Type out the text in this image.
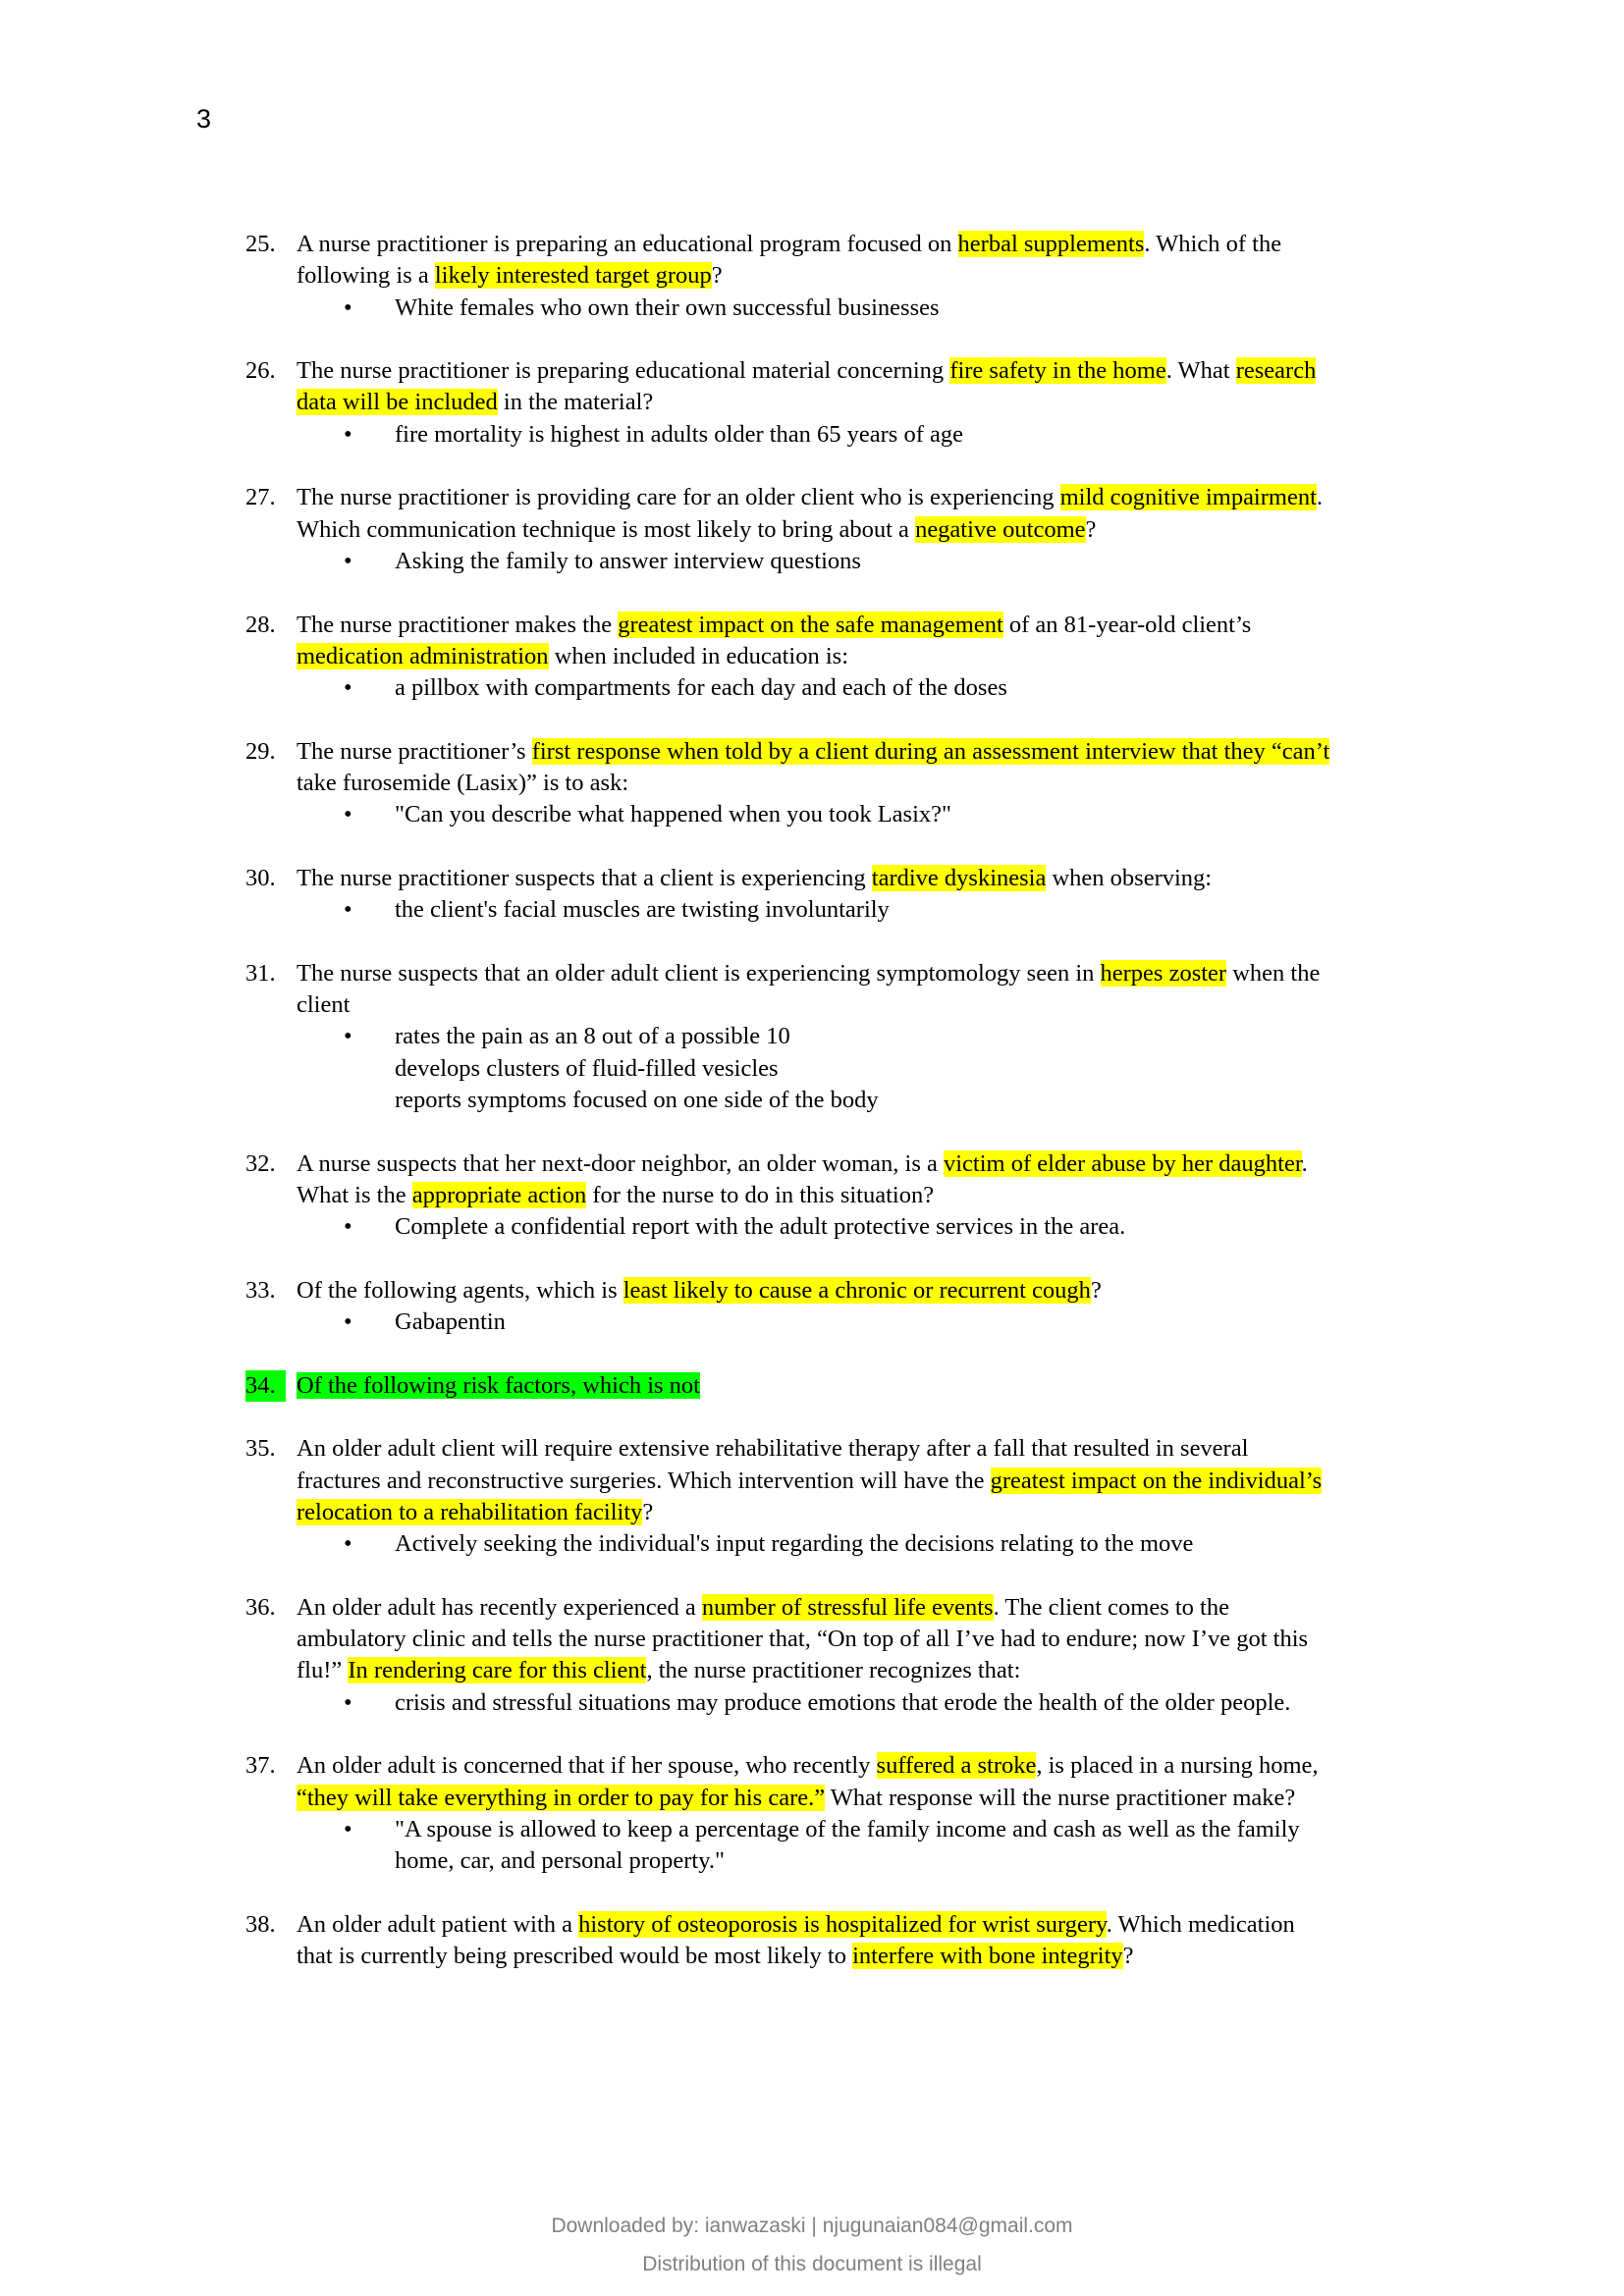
3
25. A nurse practitioner is preparing an educational program focused on herbal supplements. Which of the
following is a likely interested target group?
• White females who own their own successful businesses
26. The nurse practitioner is preparing educational material concerning fire safety in the home. What research
data will be included in the material?
• fire mortality is highest in adults older than 65 years of age
27. The nurse practitioner is providing care for an older client who is experiencing mild cognitive impairment.
Which communication technique is most likely to bring about a negative outcome?
• Asking the family to answer interview questions
28. The nurse practitioner makes the greatest impact on the safe management of an 81-year-old client’s
medication administration when included in education is:
• a pillbox with compartments for each day and each of the doses
29. The nurse practitioner’s first response when told by a client during an assessment interview that they “can’t
take furosemide (Lasix)” is to ask:
• "Can you describe what happened when you took Lasix?"
30. The nurse practitioner suspects that a client is experiencing tardive dyskinesia when observing:
• the client's facial muscles are twisting involuntarily
31. The nurse suspects that an older adult client is experiencing symptomology seen in herpes zoster when the
client
• rates the pain as an 8 out of a possible 10
develops clusters of fluid-filled vesicles
reports symptoms focused on one side of the body
32. A nurse suspects that her next-door neighbor, an older woman, is a victim of elder abuse by her daughter.
What is the appropriate action for the nurse to do in this situation?
• Complete a confidential report with the adult protective services in the area.
33. Of the following agents, which is least likely to cause a chronic or recurrent cough?
• Gabapentin
34. Of the following risk factors, which is not
35. An older adult client will require extensive rehabilitative therapy after a fall that resulted in several
fractures and reconstructive surgeries. Which intervention will have the greatest impact on the individual’s
relocation to a rehabilitation facility?
• Actively seeking the individual's input regarding the decisions relating to the move
36. An older adult has recently experienced a number of stressful life events. The client comes to the
ambulatory clinic and tells the nurse practitioner that, “On top of all I’ve had to endure; now I’ve got this
flu!” In rendering care for this client, the nurse practitioner recognizes that:
• crisis and stressful situations may produce emotions that erode the health of the older people.
37. An older adult is concerned that if her spouse, who recently suffered a stroke, is placed in a nursing home,
“they will take everything in order to pay for his care.” What response will the nurse practitioner make?
• "A spouse is allowed to keep a percentage of the family income and cash as well as the family
home, car, and personal property."
38. An older adult patient with a history of osteoporosis is hospitalized for wrist surgery. Which medication
that is currently being prescribed would be most likely to interfere with bone integrity?
Downloaded by: ianwazaski | njugunaian084@gmail.com
Distribution of this document is illegal
